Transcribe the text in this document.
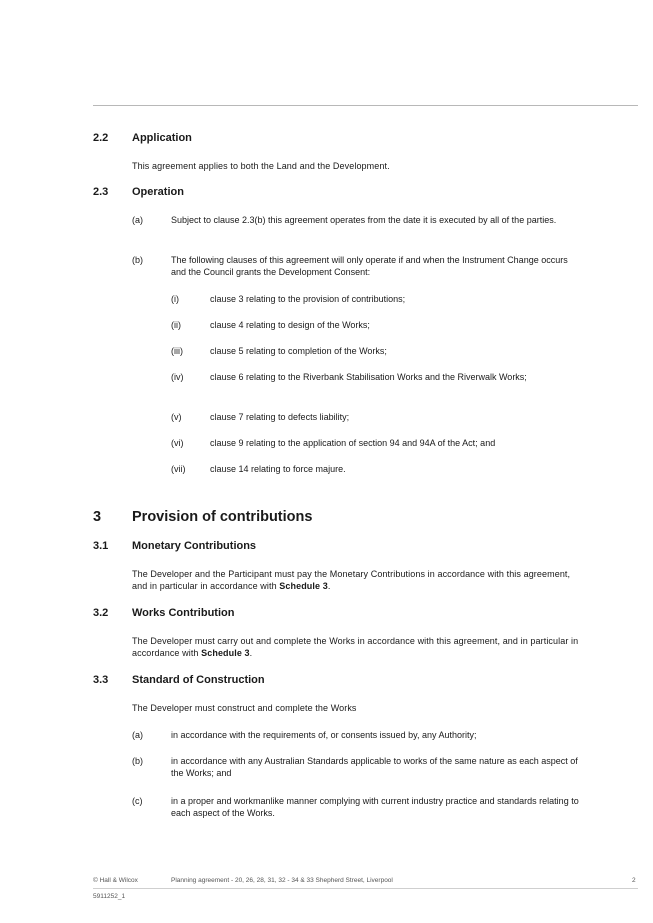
2.2 Application
This agreement applies to both the Land and the Development.
2.3 Operation
(a)	Subject to clause 2.3(b) this agreement operates from the date it is executed by all of the parties.
(b)	The following clauses of this agreement will only operate if and when the Instrument Change occurs and the Council grants the Development Consent:
(i)	clause 3 relating to the provision of contributions;
(ii)	clause 4 relating to design of the Works;
(iii)	clause 5 relating to completion of the Works;
(iv)	clause 6 relating to the Riverbank Stabilisation Works and the Riverwalk Works;
(v)	clause 7 relating to defects liability;
(vi)	clause 9 relating to the application of section 94 and 94A of the Act; and
(vii)	clause 14 relating to force majure.
3 Provision of contributions
3.1 Monetary Contributions
The Developer and the Participant must pay the Monetary Contributions in accordance with this agreement, and in particular in accordance with Schedule 3.
3.2 Works Contribution
The Developer must carry out and complete the Works in accordance with this agreement, and in particular in accordance with Schedule 3.
3.3 Standard of Construction
The Developer must construct and complete the Works
(a)	in accordance with the requirements of, or consents issued by, any Authority;
(b)	in accordance with any Australian Standards applicable to works of the same nature as each aspect of the Works; and
(c)	in a proper and workmanlike manner complying with current industry practice and standards relating to each aspect of the Works.
© Hall & Wilcox	Planning agreement - 20, 26, 28, 31, 32 - 34 & 33 Shepherd Street, Liverpool	2
5911252_1
